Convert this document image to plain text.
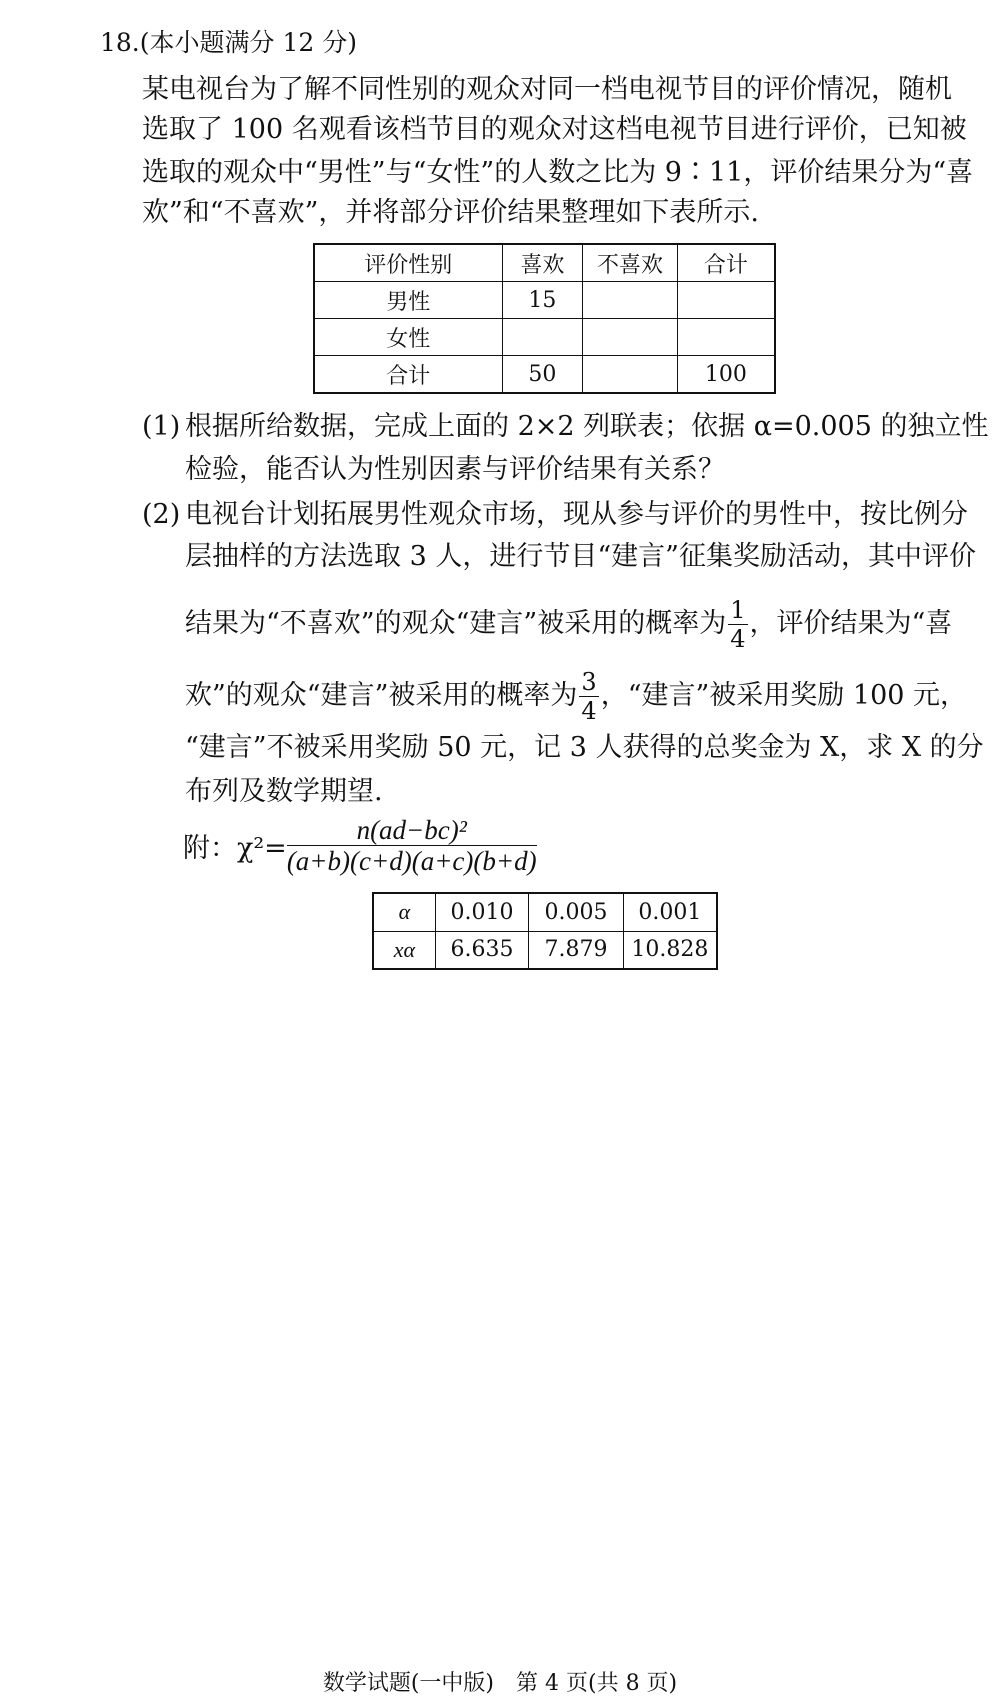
18.(本小题满分 12 分)
某电视台为了解不同性别的观众对同一档电视节目的评价情况，随机
选取了 100 名观看该档节目的观众对这档电视节目进行评价，已知被
选取的观众中“男性”与“女性”的人数之比为 9∶11，评价结果分为“喜
欢”和“不喜欢”，并将部分评价结果整理如下表所示.
评价性别	喜欢	不喜欢	合计
男性	15		
女性			
合计	50		100
(1) 根据所给数据，完成上面的 2×2 列联表；依据 α=0.005 的独立性
检验，能否认为性别因素与评价结果有关系？
(2) 电视台计划拓展男性观众市场，现从参与评价的男性中，按比例分
层抽样的方法选取 3 人，进行节目“建言”征集奖励活动，其中评价
结果为“不喜欢”的观众“建言”被采用的概率为 $\frac{1}{4}$ ，评价结果为“喜
欢”的观众“建言”被采用的概率为 $\frac{3}{4}$ ，“建言”被采用奖励 100 元，
“建言”不被采用奖励 50 元，记 3 人获得的总奖金为 X，求 X 的分
布列及数学期望.
附：$\chi^2= \frac{\text{n(ad−bc)²}}{(a+b)(c+d)(a+c)(b+d)}$
α	0.010	0.005	0.001
xα	6.635	7.879	10.828
数学试题(一中版)　第 4 页(共 8 页)
